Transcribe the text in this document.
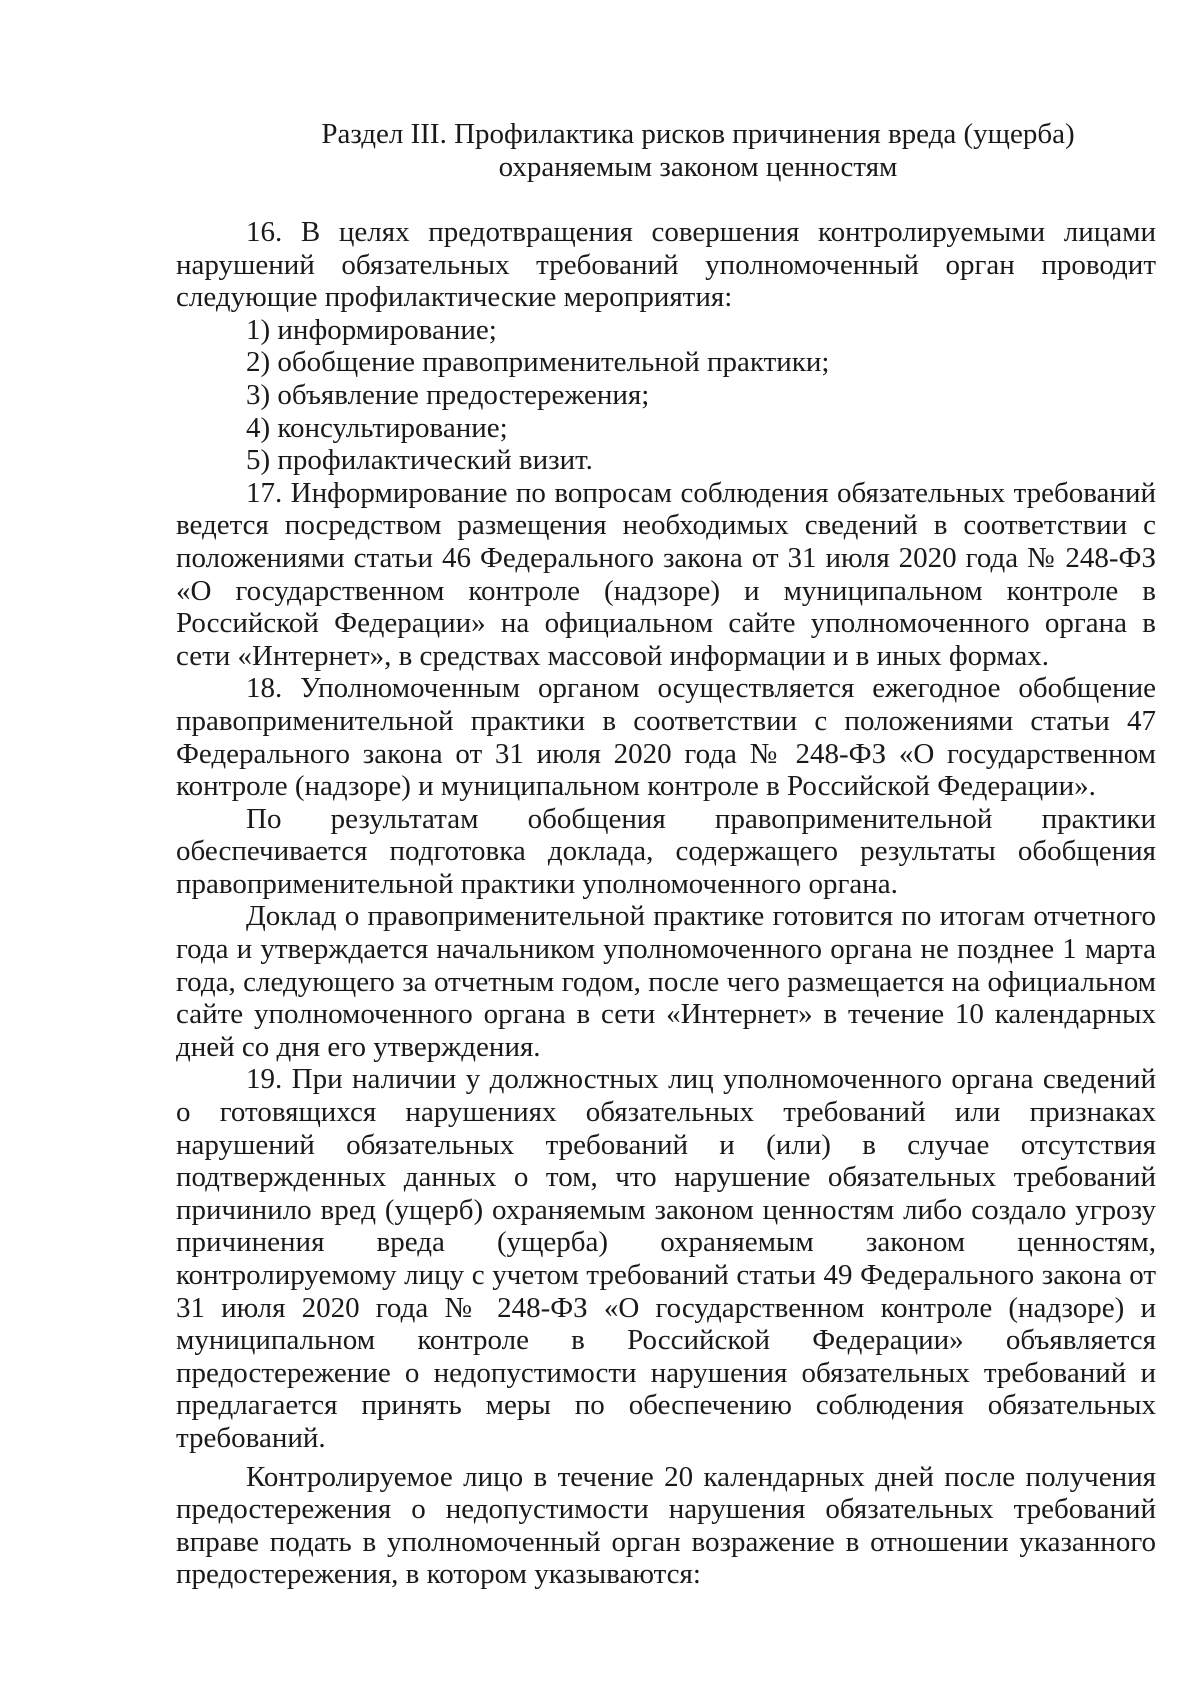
Раздел III. Профилактика рисков причинения вреда (ущерба)
охраняемым законом ценностям

16. В целях предотвращения совершения контролируемыми лицами нарушений обязательных требований уполномоченный орган проводит следующие профилактические мероприятия:

1) информирование;

2) обобщение правоприменительной практики;

3) объявление предостережения;

4) консультирование;

5) профилактический визит.

17. Информирование по вопросам соблюдения обязательных требований ведется посредством размещения необходимых сведений в соответствии с положениями статьи 46 Федерального закона от 31 июля 2020 года № 248-ФЗ «О государственном контроле (надзоре) и муниципальном контроле в Российской Федерации» на официальном сайте уполномоченного органа в сети «Интернет», в средствах массовой информации и в иных формах.

18. Уполномоченным органом осуществляется ежегодное обобщение правоприменительной практики в соответствии с положениями статьи 47 Федерального закона от 31 июля 2020 года № 248-ФЗ «О государственном контроле (надзоре) и муниципальном контроле в Российской Федерации».

По результатам обобщения правоприменительной практики обеспечивается подготовка доклада, содержащего результаты обобщения правоприменительной практики уполномоченного органа.

Доклад о правоприменительной практике готовится по итогам отчетного года и утверждается начальником уполномоченного органа не позднее 1 марта года, следующего за отчетным годом, после чего размещается на официальном сайте уполномоченного органа в сети «Интернет» в течение 10 календарных дней со дня его утверждения.

19. При наличии у должностных лиц уполномоченного органа сведений о готовящихся нарушениях обязательных требований или признаках нарушений обязательных требований и (или) в случае отсутствия подтвержденных данных о том, что нарушение обязательных требований причинило вред (ущерб) охраняемым законом ценностям либо создало угрозу причинения вреда (ущерба) охраняемым законом ценностям, контролируемому лицу с учетом требований статьи 49 Федерального закона от 31 июля 2020 года № 248-ФЗ «О государственном контроле (надзоре) и муниципальном контроле в Российской Федерации» объявляется предостережение о недопустимости нарушения обязательных требований и предлагается принять меры по обеспечению соблюдения обязательных требований.

Контролируемое лицо в течение 20 календарных дней после получения предостережения о недопустимости нарушения обязательных требований вправе подать в уполномоченный орган возражение в отношении указанного предостережения, в котором указываются:
